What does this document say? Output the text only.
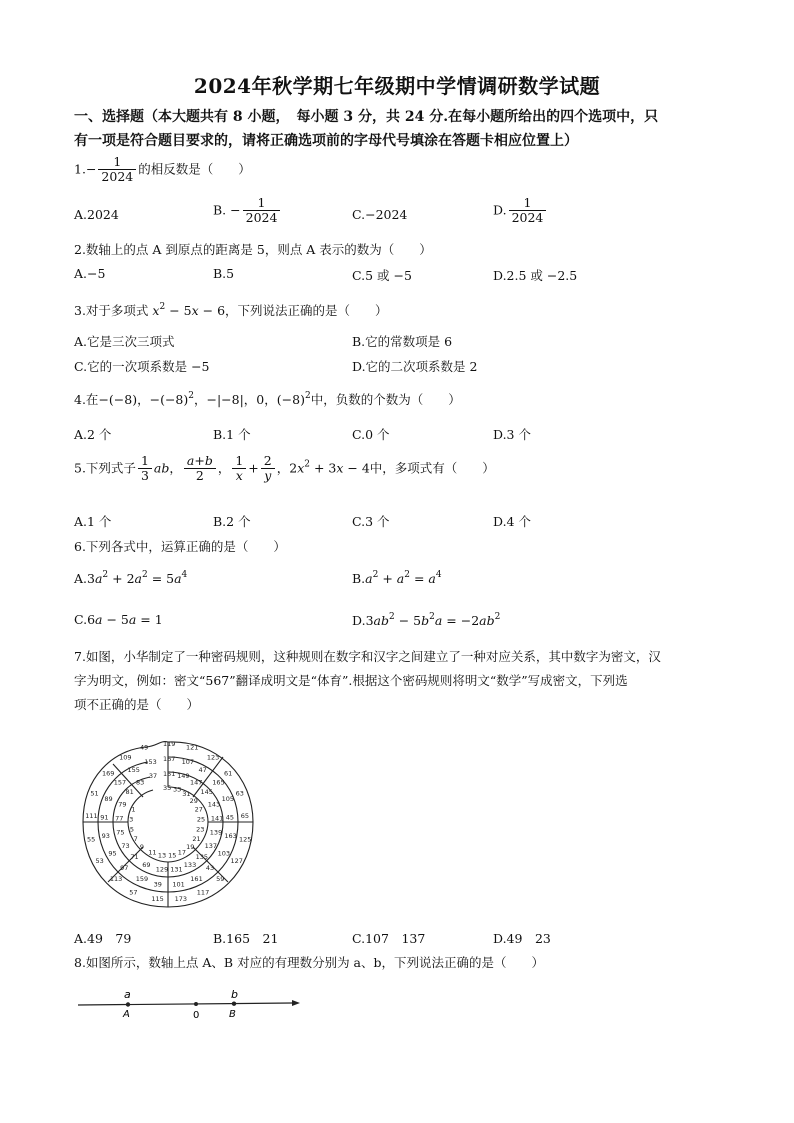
2024年秋学期七年级期中学情调研数学试题
一、选择题（本大题共有 8 小题，　每小题 3 分，共 24 分.在每小题所给出的四个选项中，只
有一项是符合题目要求的，请将正确选项前的字母代号填涂在答题卡相应位置上）
$1.- \frac{1}{2024}$ 的相反数是（　　）
A.2024	B. − $\frac{1}{2024}$	C.−2024	D. $\frac{1}{2024}$
2.数轴上的点 A 到原点的距离是 5，则点 A 表示的数为（　　）
A.−5	B.5	C.5 或 −5	D.2.5 或 −2.5
3.对于多项式 $x^2 - 5x - 6$，下列说法正确的是（　　）
A.它是三次三项式	B.它的常数项是 6
C.它的一次项系数是 −5	D.它的二次项系数是 2
4.在−(−8)，$-(-8)^2$，−|−8|，0，$(-8)^2$中，负数的个数为（　　）
A.2 个	B.1 个	C.0 个	D.3 个
5.下列式子 $\frac{1}{3}$ ab， $\frac{a+b}{2}$ ， $\frac{1}{x} + \frac{2}{y}$ ，$2x^2 + 3x - 4$中，多项式有（　　）
A.1 个	B.2 个	C.3 个	D.4 个
6.下列各式中，运算正确的是（　　）
$A.3a^2 + 2a^2 = 5a^4$	$B.a^2 + a^2 = a^4$
C.6a − 5a = 1	$D.3ab^2 - 5b^2a = -2ab^2$
7.如图，小华制定了一种密码规则，这种规则在数字和汉字之间建立了一种对应关系，其中数字为密文，汉
字为明文，例如：密文“567”翻译成明文是“体育”.根据这个密码规则将明文“数学”写成密文，下列选
项不正确的是（　　）
119 121
123
61
63
65
125
127
59
117
173
115
57
113
53
55
111
51
169
109
49
167 107
47
165
105
45
163
103
43
161
101
39
159
97
95
93
91
89
157
155
153
151 149
147
145
143
141
139
137
135
133
131
129
69
71
73
75
77
79
81
83
37
35 33
31
29
27
25
23
21
19
17
15
13
11
9
7
5
3
1
A.49　79	B.165　21	C.107　137	D.49　23
8.如图所示，数轴上点 A、B 对应的有理数分别为 a、b，下列说法正确的是（　　）
a
A	0
b
B
